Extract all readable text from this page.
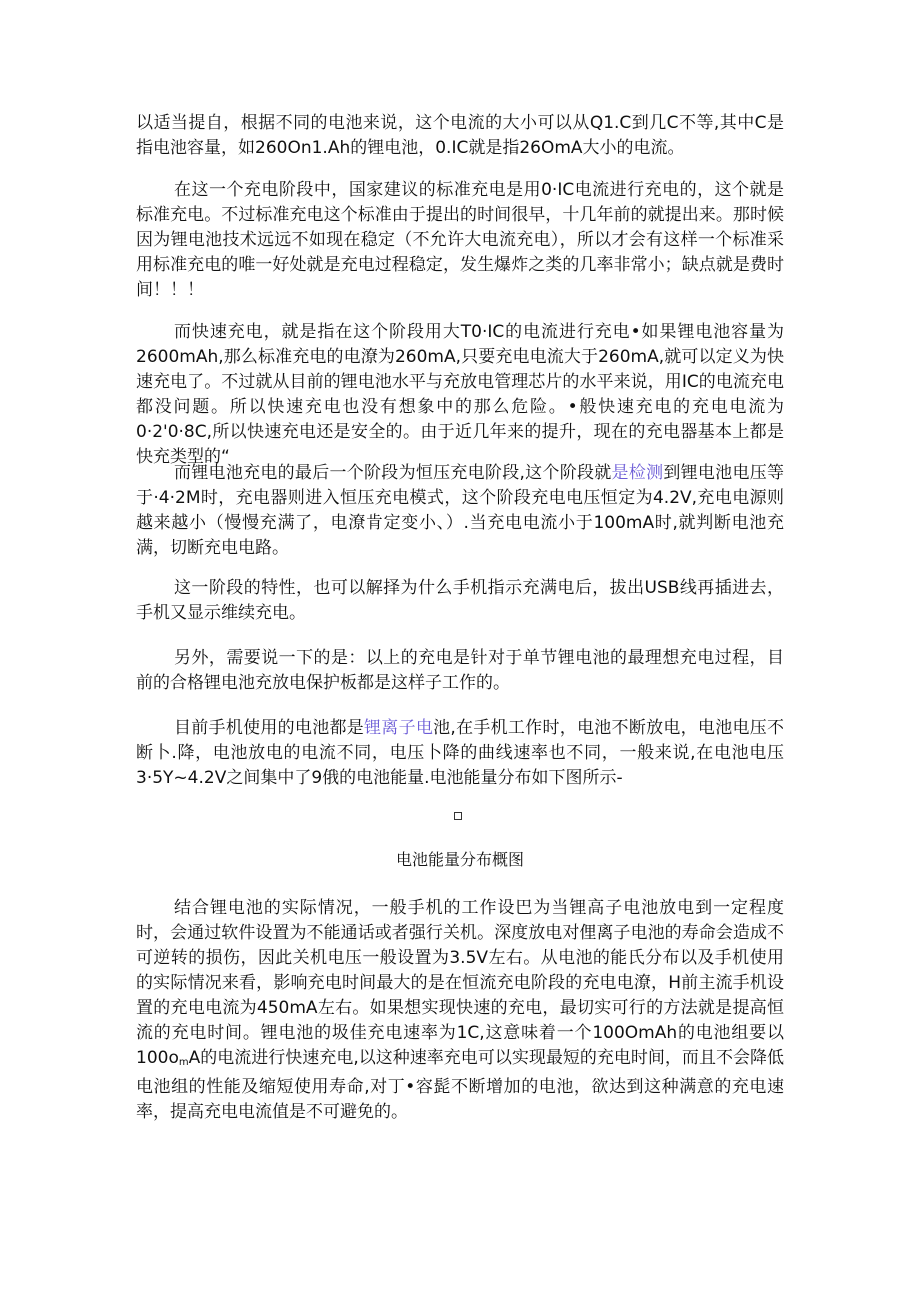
以适当提自，根据不同的电池来说，这个电流的大小可以从Q1.C到几C不等,其中C是指电池容量，如260On1.Ah的锂电池，0.IC就是指26OmA大小的电流。

在这一个充电阶段中，国家建议的标准充电是用0·IC电流进行充电的，这个就是标准充电。不过标准充电这个标准由于提出的时间很早，十几年前的就提出来。那时候因为锂电池技术远远不如现在稳定（不允许大电流充电），所以才会有这样一个标准采用标准充电的唯一好处就是充电过程稳定，发生爆炸之类的几率非常小；缺点就是费时间！！！

而快速充电，就是指在这个阶段用大T0·IC的电流进行充电•如果锂电池容量为2600mAh,那么标准充电的电潦为260mA,只要充电电流大于260mA,就可以定义为快速充电了。不过就从目前的锂电池水平与充放电管理芯片的水平来说，用IC的电流充电都没问题。所以快速充电也没有想象中的那么危险。•般快速充电的充电电流为0·2'0·8C,所以快速充电还是安全的。由于近几年来的提升，现在的充电器基本上都是快充类型的“

而锂电池充电的最后一个阶段为恒压充电阶段,这个阶段就是检测到锂电池电压等于·4·2M时，充电器则进入恒压充电模式，这个阶段充电电压恒定为4.2V,充电电源则越来越小（慢慢充满了，电潦肯定变小、）.当充电电流小于100mA时,就判断电池充满，切断充电电路。

这一阶段的特性，也可以解择为什么手机指示充满电后，拔出USB线再插进去，手机又显示维续充电。

另外，需要说一下的是：以上的充电是针对于单节锂电池的最理想充电过程，目前的合格锂电池充放电保护板都是这样子工作的。

目前手机使用的电池都是锂离子电池,在手机工作时，电池不断放电，电池电压不断卜.降，电池放电的电流不同，电压卜降的曲线速率也不同，一般来说,在电池电压3·5Y~4.2V之间集中了9俄的电池能量.电池能量分布如下图所示-

电池能量分布概图

结合锂电池的实际情况，一般手机的工作设巴为当锂高子电池放电到一定程度时，会通过软件设置为不能通话或者强行关机。深度放电对俚离子电池的寿命会造成不可逆转的损伤，因此关机电压一般设置为3.5V左右。从电池的能氏分布以及手机使用的实际情况来看，影响充电时间最大的是在恒流充电阶段的充电电潦，H前主流手机设置的充电电流为450mA左右。如果想实现快速的充电，最切实可行的方法就是提高恒流的充电时间。锂电池的圾佳充电速率为1C,这意味着一个100OmAh的电池组要以$100o_mA$的电流进行快速充电,以这种速率充电可以实现最短的充电时间，而且不会降低电池组的性能及缩短使用寿命,对丁•容髭不断增加的电池，欲达到这种满意的充电速率，提高充电电流值是不可避免的。
